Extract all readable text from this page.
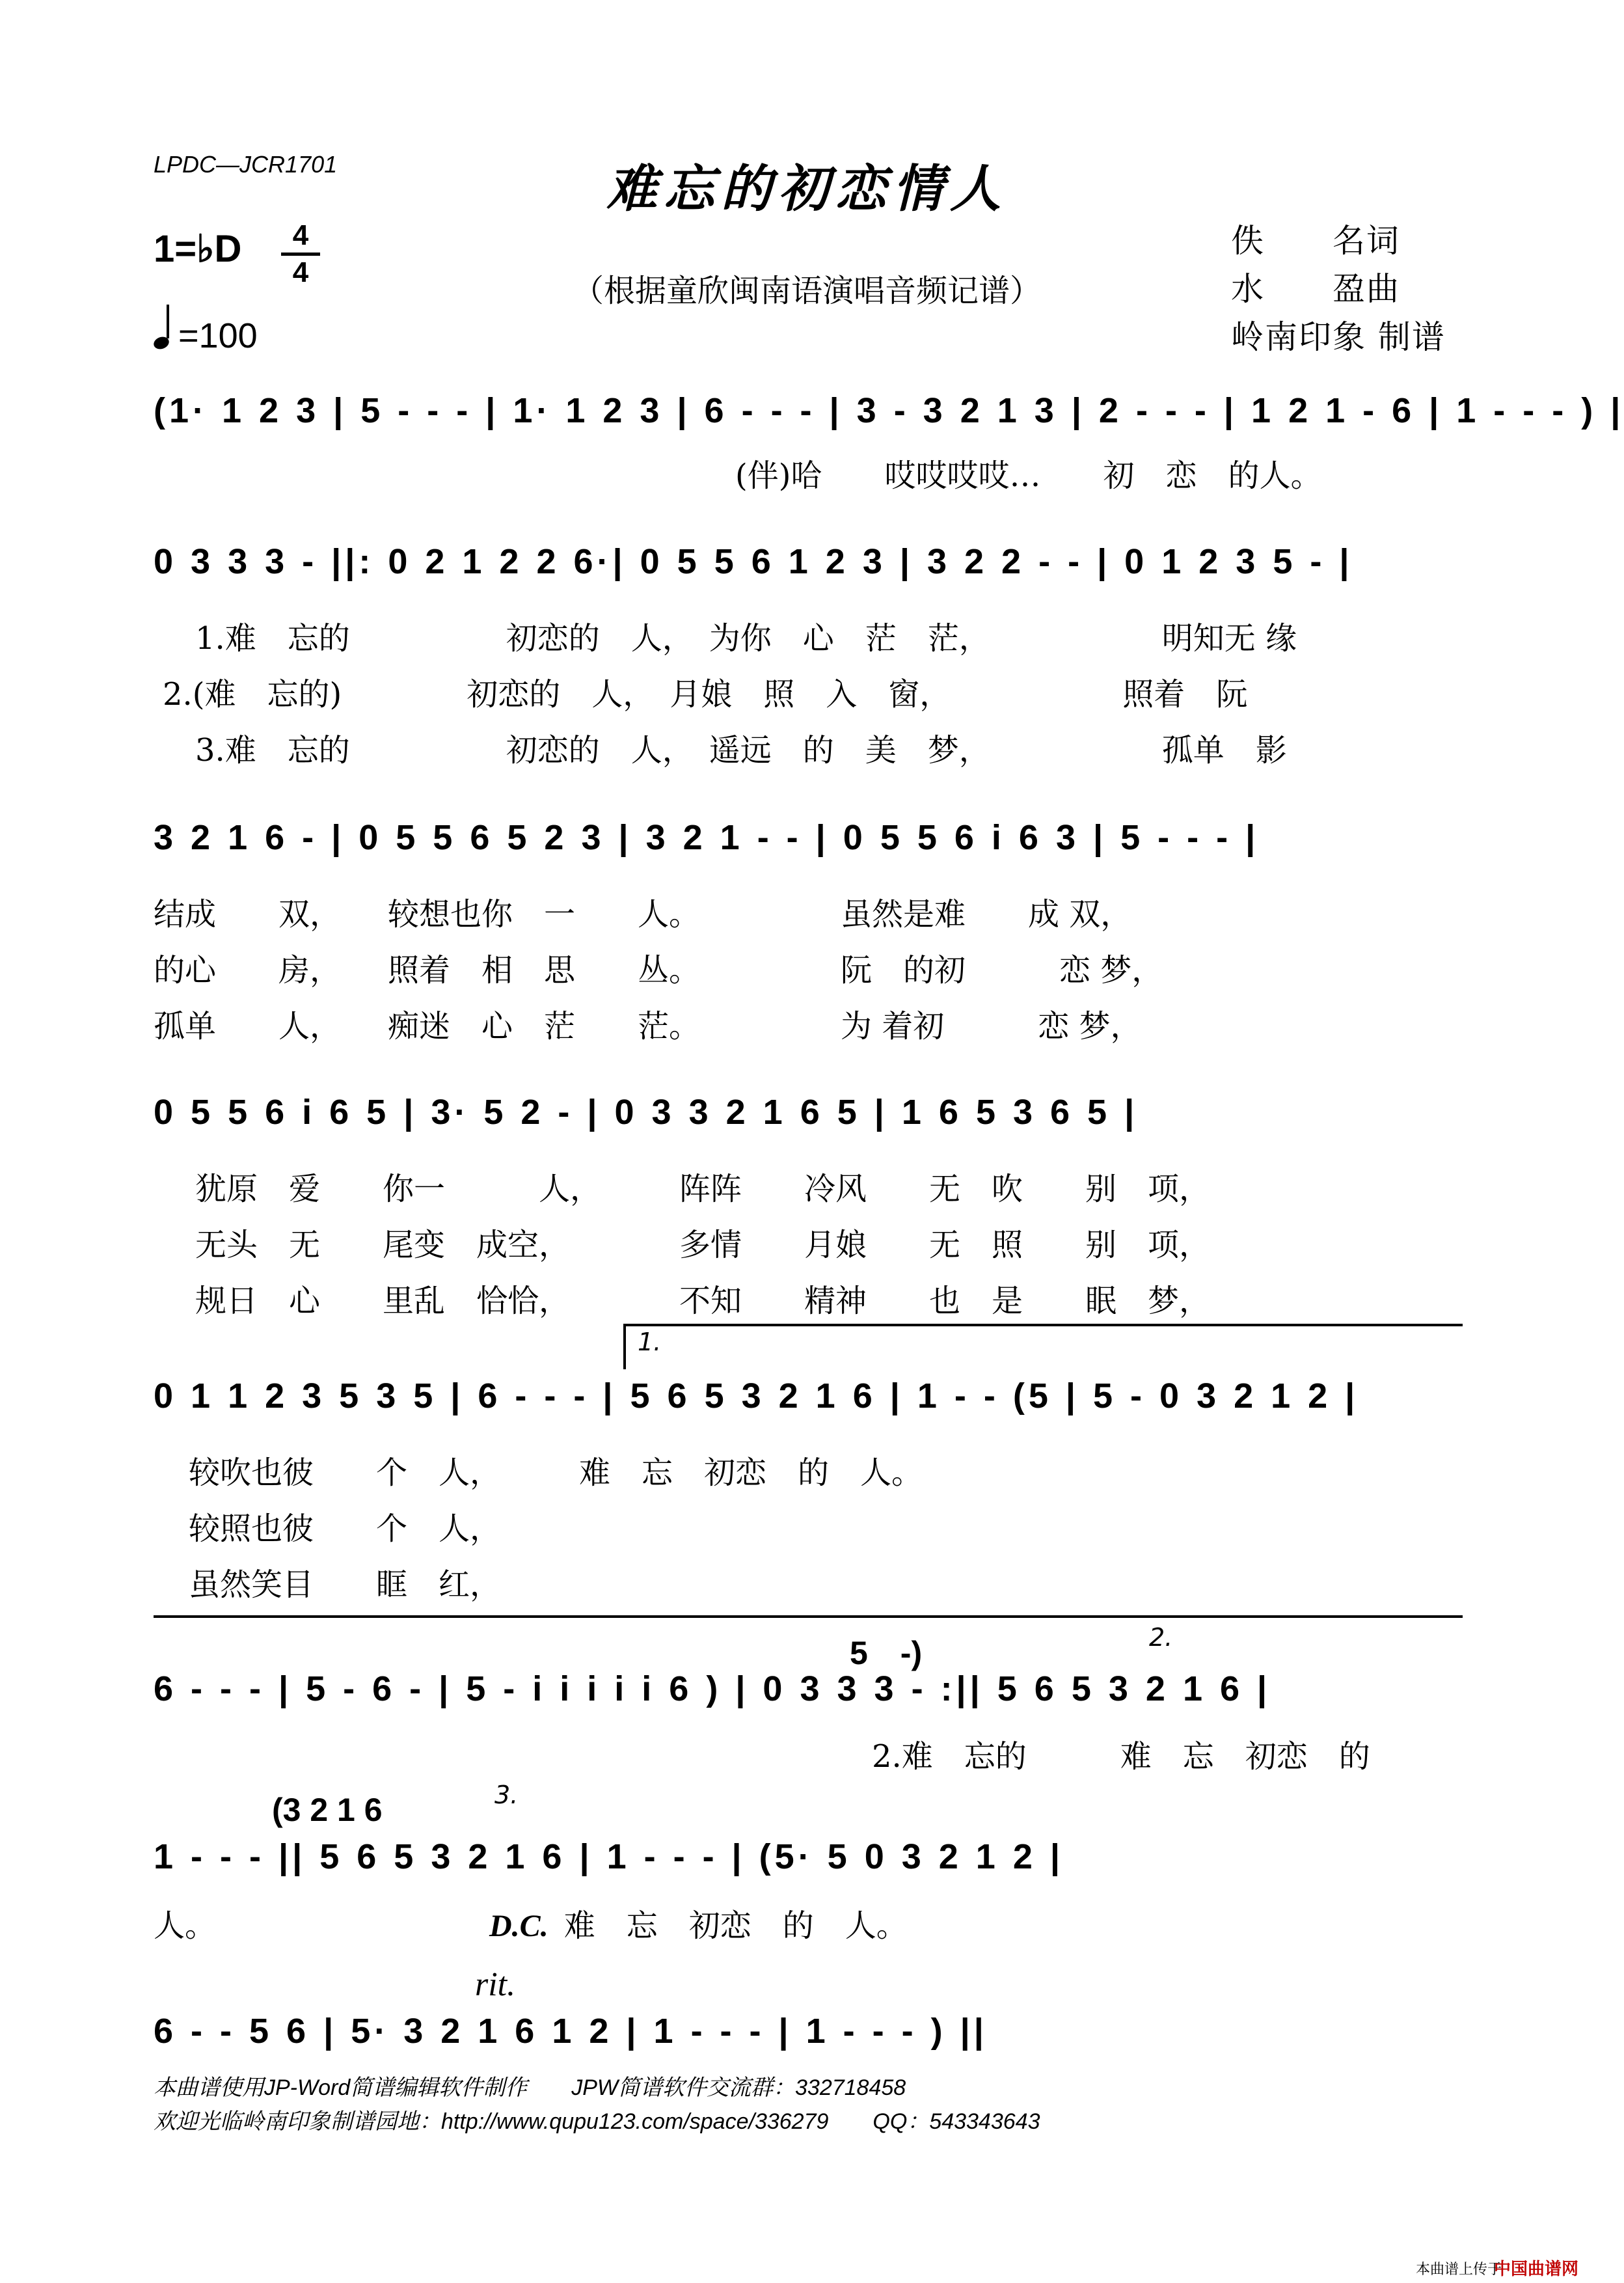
LPDC—JCR1701	难忘的初恋情人
（根据童欣闽南语演唱音频记谱）
1=♭D	4
4
=100
佚　　名词
水　　盈曲
岭南印象 制谱
(1· 1 2 3 | 5 - - - | 1· 1 2 3 | 6 - - - | 3 - 3 2 1 3 | 2 - - - | 1 2 1 - 6 | 1 - - - ) |
(伴)哈　　哎哎哎哎…　　初　恋　的人。
0 3 3 3 - ||: 0 2 1 2 2 6·| 0 5 5 6 1 2 3 | 3 2 2 - - | 0 1 2 3 5 - |
1.难　忘的　　　　　初恋的　人，　为你　心　茫　茫，　　　　　　明知无 缘
2.(难　忘的)　　　　初恋的　人，　月娘　照　入　窗，　　　　　　照着　阮
3.难　忘的　　　　　初恋的　人，　遥远　的　美　梦，　　　　　　孤单　影
3 2 1 6 - | 0 5 5 6 5 2 3 | 3 2 1 - - | 0 5 5 6 i 6 3 | 5 - - - |
结成　　双，　　较想也你　一　　人。　　　　　虽然是难　　成 双，
的心　　房，　　照着　相　思　　丛。　　　　　阮　的初　　　恋 梦，
孤单　　人，　　痴迷　心　茫　　茫。　　　　　为 着初　　　恋 梦，
0 5 5 6 i 6 5 | 3· 5 2 - | 0 3 3 2 1 6 5 | 1 6 5 3 6 5 |
犹原　爱　　你一　　　人，　　　阵阵　　冷风　　无　吹　　别　项，
无头　无　　尾变　成空，　　　　多情　　月娘　　无　照　　别　项，
规日　心　　里乱　恰恰，　　　　不知　　精神　　也　是　　眠　梦，
1.
0 1 1 2 3 5 3 5 | 6 - - - | 5 6 5 3 2 1 6 | 1 - - (5 | 5 - 0 3 2 1 2 |
较吹也彼　　个　人，　　　难　忘　初恋　的　人。
较照也彼　　个　人，
虽然笑目　　眶　红，
2.
5　-)
6 - - - | 5 - 6 - | 5 - i i i i i 6 ) | 0 3 3 3 - :|| 5 6 5 3 2 1 6 |
　　　　　　　　　　　　　　　　　　　　　　　2.难　忘的　　　难　忘　初恋　的
3.
(3 2 1 6
1 - - - || 5 6 5 3 2 1 6 | 1 - - - | (5· 5 0 3 2 1 2 |
人。	D.C. 难　忘　初恋　的　人。
rit.
6 - - 5 6 | 5· 3 2 1 6 1 2 | 1 - - - | 1 - - - ) ||
本曲谱使用JP-Word简谱编辑软件制作　　JPW简谱软件交流群：332718458
欢迎光临岭南印象制谱园地：http://www.qupu123.com/space/336279　　QQ：543343643
本曲谱上传于
中国曲谱网
